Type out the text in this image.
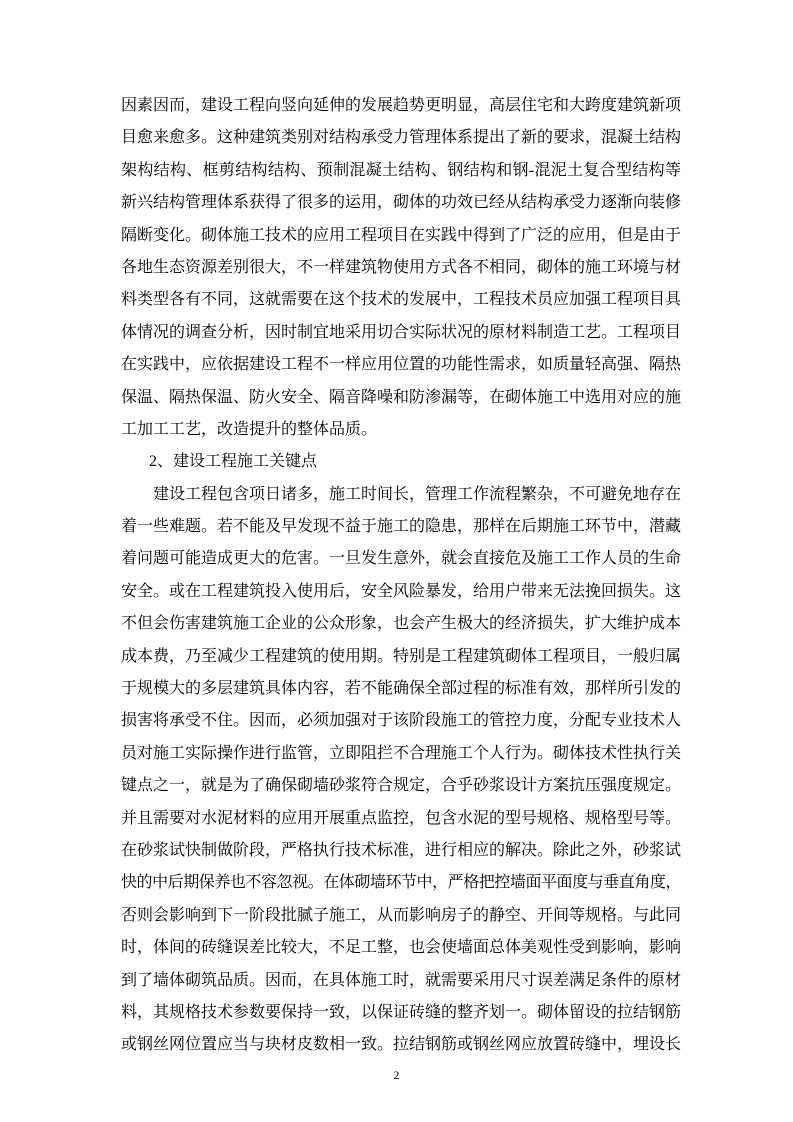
因素因而，建设工程向竖向延伸的发展趋势更明显，高层住宅和大跨度建筑新项
目愈来愈多。这种建筑类别对结构承受力管理体系提出了新的要求，混凝土结构
架构结构、框剪结构结构、预制混凝土结构、钢结构和钢-混泥土复合型结构等
新兴结构管理体系获得了很多的运用，砌体的功效已经从结构承受力逐渐向装修
隔断变化。砌体施工技术的应用工程项目在实践中得到了广泛的应用，但是由于
各地生态资源差别很大，不一样建筑物使用方式各不相同，砌体的施工环境与材
料类型各有不同，这就需要在这个技术的发展中，工程技术员应加强工程项目具
体情况的调查分析，因时制宜地采用切合实际状况的原材料制造工艺。工程项目
在实践中，应依据建设工程不一样应用位置的功能性需求，如质量轻高强、隔热
保温、隔热保温、防火安全、隔音降噪和防渗漏等，在砌体施工中选用对应的施
工加工工艺，改造提升的整体品质。
2、建设工程施工关键点
建设工程包含项日诸多，施工时间长，管理工作流程繁杂，不可避免地存在
着一些难题。若不能及早发现不益于施工的隐患，那样在后期施工环节中，潜藏
着问题可能造成更大的危害。一旦发生意外，就会直接危及施工工作人员的生命
安全。或在工程建筑投入使用后，安全风险暴发，给用户带来无法挽回损失。这
不但会伤害建筑施工企业的公众形象，也会产生极大的经济损失，扩大维护成本
成本费，乃至减少工程建筑的使用期。特别是工程建筑砌体工程项目，一般归属
于规模大的多层建筑具体内容，若不能确保全部过程的标准有效，那样所引发的
损害将承受不住。因而，必须加强对于该阶段施工的管控力度，分配专业技术人
员对施工实际操作进行监管，立即阻拦不合理施工个人行为。砌体技术性执行关
键点之一，就是为了确保砌墙砂浆符合规定，合乎砂浆设计方案抗压强度规定。
并且需要对水泥材料的应用开展重点监控，包含水泥的型号规格、规格型号等。
在砂浆试快制做阶段，严格执行技术标准，进行相应的解决。除此之外，砂浆试
快的中后期保养也不容忽视。在体砌墙环节中，严格把控墙面平面度与垂直角度，
否则会影响到下一阶段批腻子施工，从而影响房子的静空、开间等规格。与此同
时，体间的砖缝误差比较大，不足工整，也会使墙面总体美观性受到影响，影响
到了墙体砌筑品质。因而，在具体施工时，就需要采用尺寸误差满足条件的原材
料，其规格技术参数要保持一致，以保证砖缝的整齐划一。砌体留设的拉结钢筋
或钢丝网位置应当与块材皮数相一致。拉结钢筋或钢丝网应放置砖缝中，埋设长
2
